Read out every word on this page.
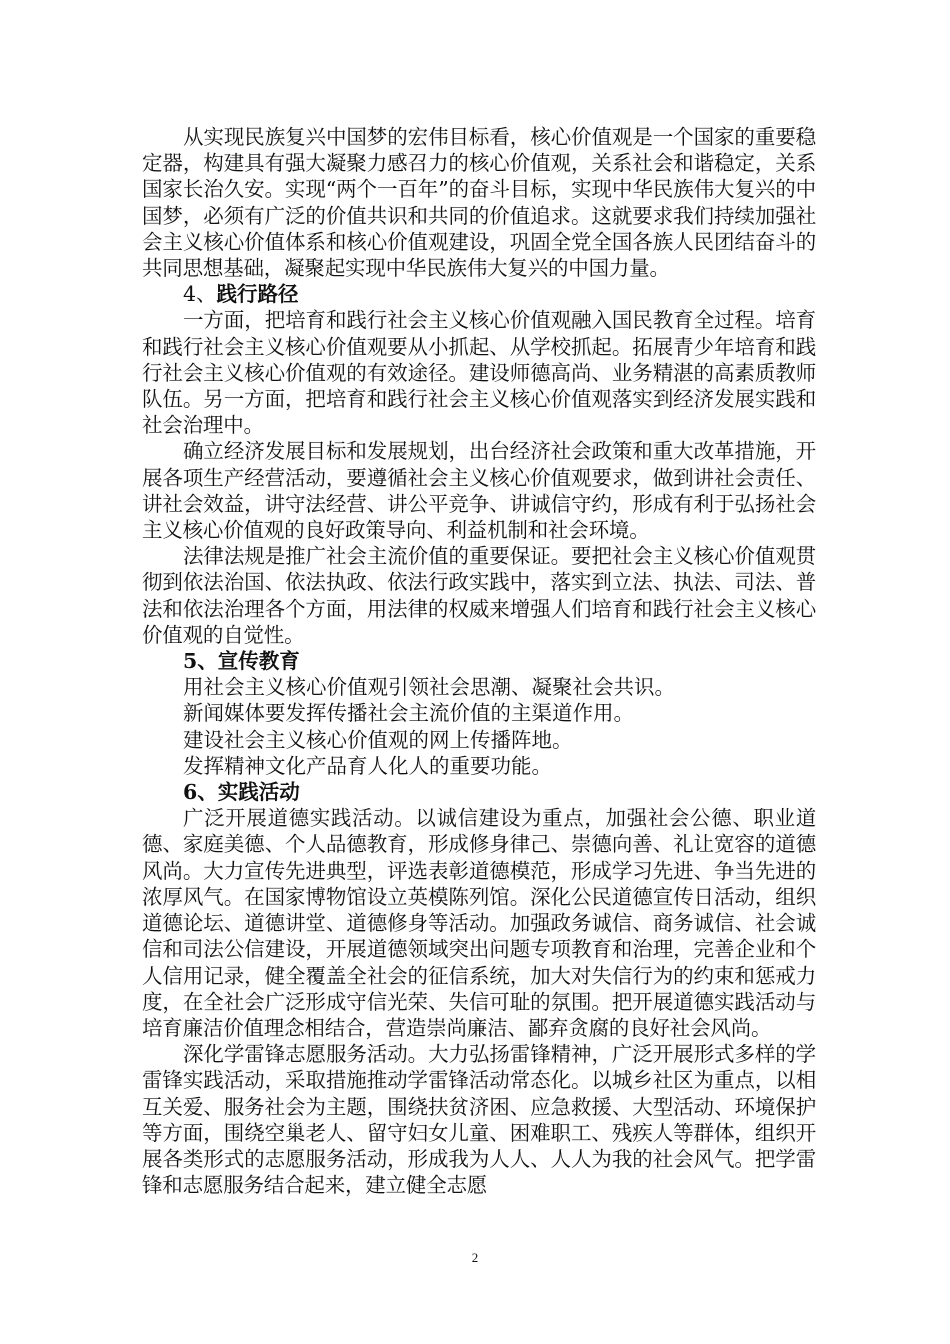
从实现民族复兴中国梦的宏伟目标看，核心价值观是一个国家的重要稳定器，构建具有强大凝聚力感召力的核心价值观，关系社会和谐稳定，关系国家长治久安。实现“两个一百年”的奋斗目标，实现中华民族伟大复兴的中国梦，必须有广泛的价值共识和共同的价值追求。这就要求我们持续加强社会主义核心价值体系和核心价值观建设，巩固全党全国各族人民团结奋斗的共同思想基础，凝聚起实现中华民族伟大复兴的中国力量。

4、践行路径

一方面，把培育和践行社会主义核心价值观融入国民教育全过程。培育和践行社会主义核心价值观要从小抓起、从学校抓起。拓展青少年培育和践行社会主义核心价值观的有效途径。建设师德高尚、业务精湛的高素质教师队伍。另一方面，把培育和践行社会主义核心价值观落实到经济发展实践和社会治理中。

确立经济发展目标和发展规划，出台经济社会政策和重大改革措施，开展各项生产经营活动，要遵循社会主义核心价值观要求，做到讲社会责任、讲社会效益，讲守法经营、讲公平竞争、讲诚信守约，形成有利于弘扬社会主义核心价值观的良好政策导向、利益机制和社会环境。

法律法规是推广社会主流价值的重要保证。要把社会主义核心价值观贯彻到依法治国、依法执政、依法行政实践中，落实到立法、执法、司法、普法和依法治理各个方面，用法律的权威来增强人们培育和践行社会主义核心价值观的自觉性。

5、宣传教育

用社会主义核心价值观引领社会思潮、凝聚社会共识。

新闻媒体要发挥传播社会主流价值的主渠道作用。

建设社会主义核心价值观的网上传播阵地。

发挥精神文化产品育人化人的重要功能。

6、实践活动

广泛开展道德实践活动。以诚信建设为重点，加强社会公德、职业道德、家庭美德、个人品德教育，形成修身律己、崇德向善、礼让宽容的道德风尚。大力宣传先进典型，评选表彰道德模范，形成学习先进、争当先进的浓厚风气。在国家博物馆设立英模陈列馆。深化公民道德宣传日活动，组织道德论坛、道德讲堂、道德修身等活动。加强政务诚信、商务诚信、社会诚信和司法公信建设，开展道德领域突出问题专项教育和治理，完善企业和个人信用记录，健全覆盖全社会的征信系统，加大对失信行为的约束和惩戒力度，在全社会广泛形成守信光荣、失信可耻的氛围。把开展道德实践活动与培育廉洁价值理念相结合，营造崇尚廉洁、鄙弃贪腐的良好社会风尚。

深化学雷锋志愿服务活动。大力弘扬雷锋精神，广泛开展形式多样的学雷锋实践活动，采取措施推动学雷锋活动常态化。以城乡社区为重点，以相互关爱、服务社会为主题，围绕扶贫济困、应急救援、大型活动、环境保护等方面，围绕空巢老人、留守妇女儿童、困难职工、残疾人等群体，组织开展各类形式的志愿服务活动，形成我为人人、人人为我的社会风气。把学雷锋和志愿服务结合起来，建立健全志愿

2
